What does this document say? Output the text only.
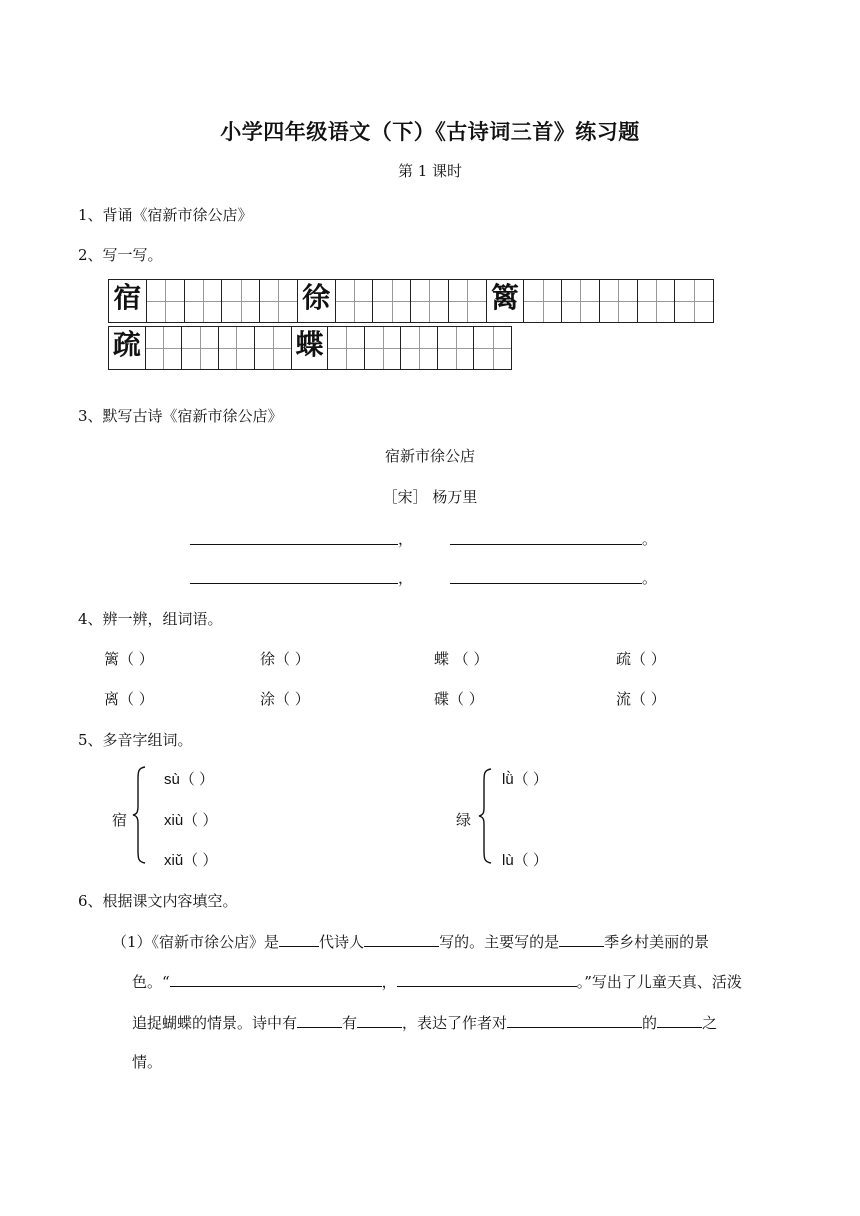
小学四年级语文（下）《古诗词三首》练习题
第 1 课时
1、背诵《宿新市徐公店》
2、写一写。
宿	徐	篱
疏	蝶
3、默写古诗《宿新市徐公店》
宿新市徐公店
［宋］ 杨万里
，	。
，	。
4、辨一辨，组词语。
篱（ ）	徐（ ）	蝶 （ ）	疏（ ）
离（ ）	涂（ ）	碟（ ）	流（ ）
5、多音字组词。
宿
sù（ ）
xiù（ ）
xiǔ（ ）
绿
lǜ（ ）
lù（ ）
6、根据课文内容填空。
（1）《宿新市徐公店》是	代诗人	写的。主要写的是	季乡村美丽的景
色。“	，	。”写出了儿童天真、活泼
追捉蝴蝶的情景。诗中有	有	，表达了作者对	的	之
情。
